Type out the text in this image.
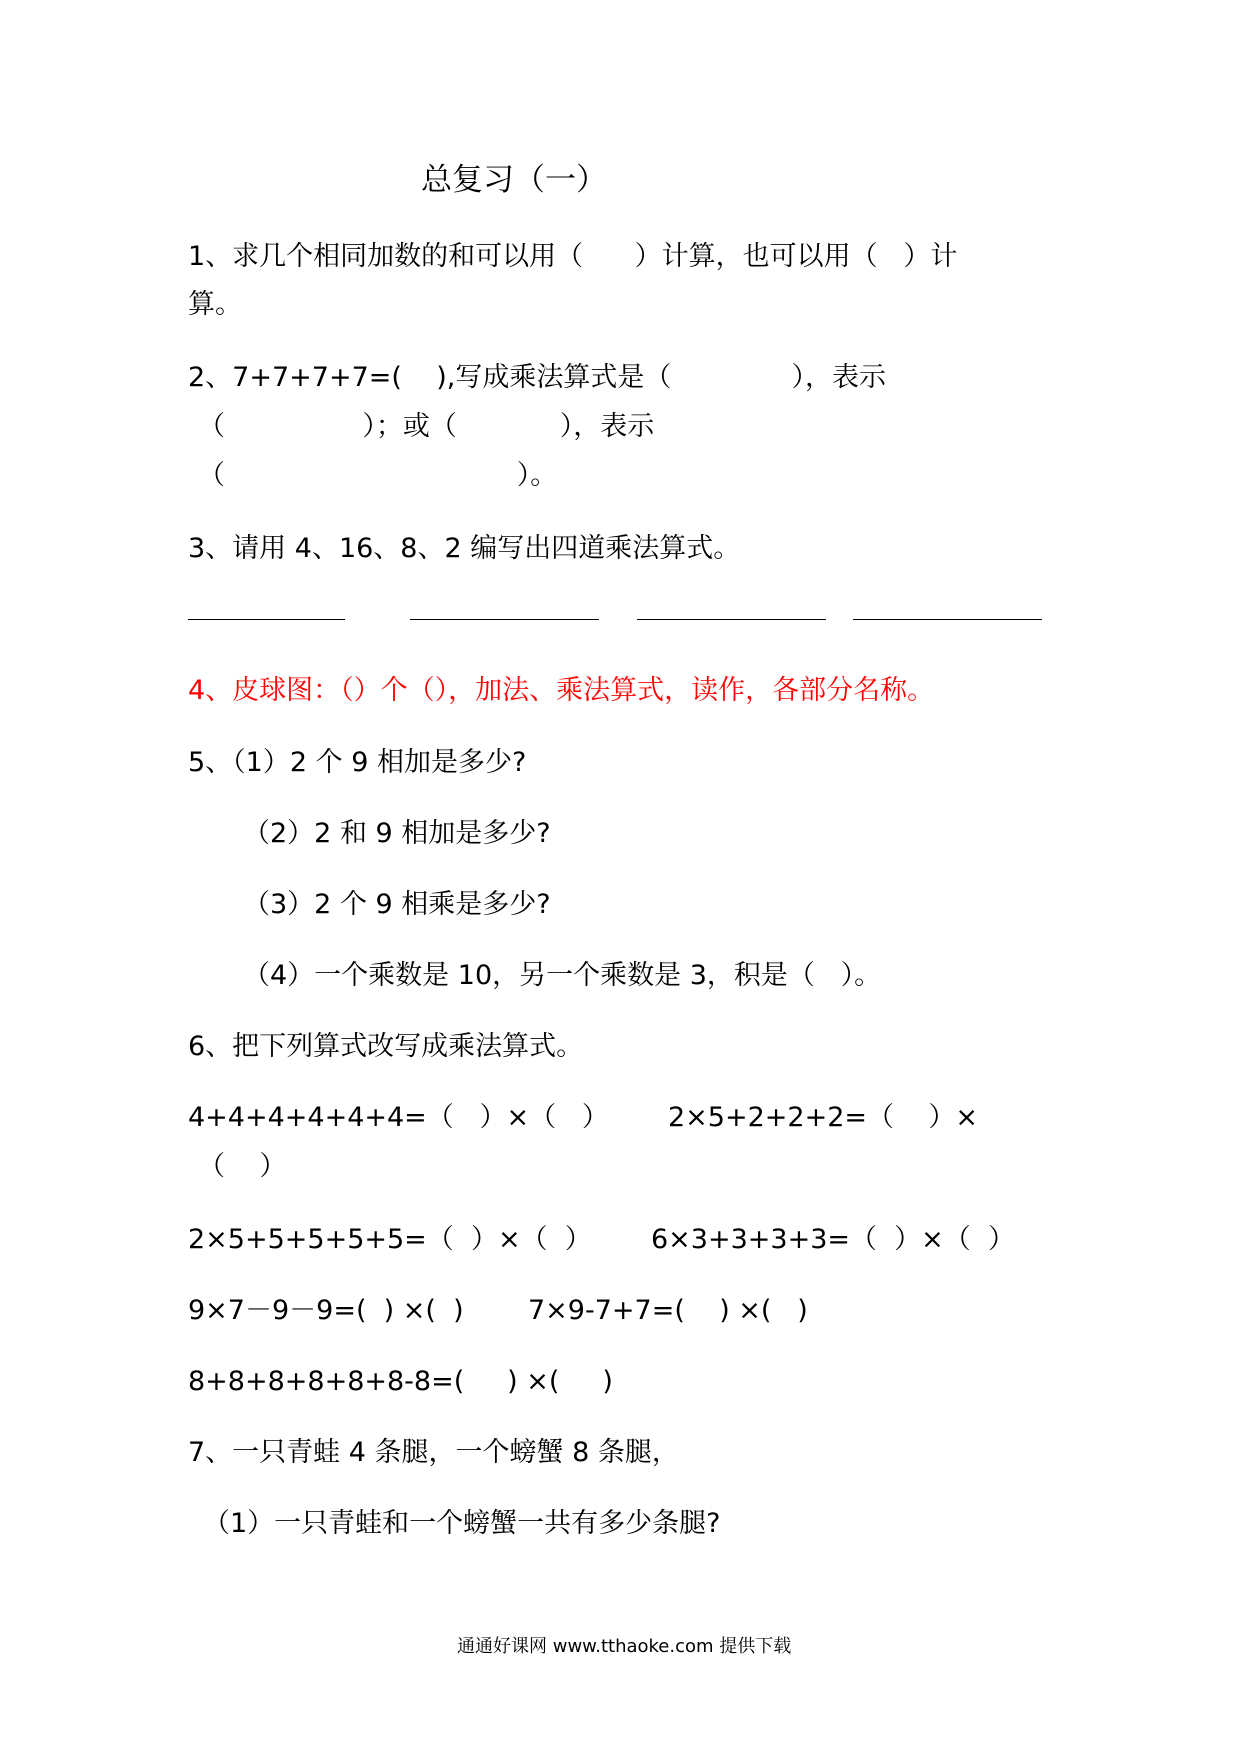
总复习（一）

1、求几个相同加数的和可以用（      ）计算，也可以用（   ）计

算。

2、7+7+7+7=(    ),写成乘法算式是（              ），表示

（                ）；或（            ），表示

（                                  ）。

3、请用 4、16、8、2 编写出四道乘法算式。

4、皮球图：（）个（），加法、乘法算式，读作，各部分名称。

5、（1）2 个 9 相加是多少?

（2）2 和 9 相加是多少?

（3）2 个 9 相乘是多少?

（4）一个乘数是 10，另一个乘数是 3，积是（   ）。

6、把下列算式改写成乘法算式。

4+4+4+4+4+4=（   ）×（   ） 2×5+2+2+2=（    ）×

（    ）

2×5+5+5+5+5=（  ）×（  ） 6×3+3+3+3=（  ）×（  ）

9×7－9－9=(  ) ×(  ) 7×9-7+7=(    ) ×(   )

8+8+8+8+8+8-8=(     ) ×(     )

7、一只青蛙 4 条腿，一个螃蟹 8 条腿，

（1）一只青蛙和一个螃蟹一共有多少条腿?

通通好课网 www.tthaoke.com 提供下载
